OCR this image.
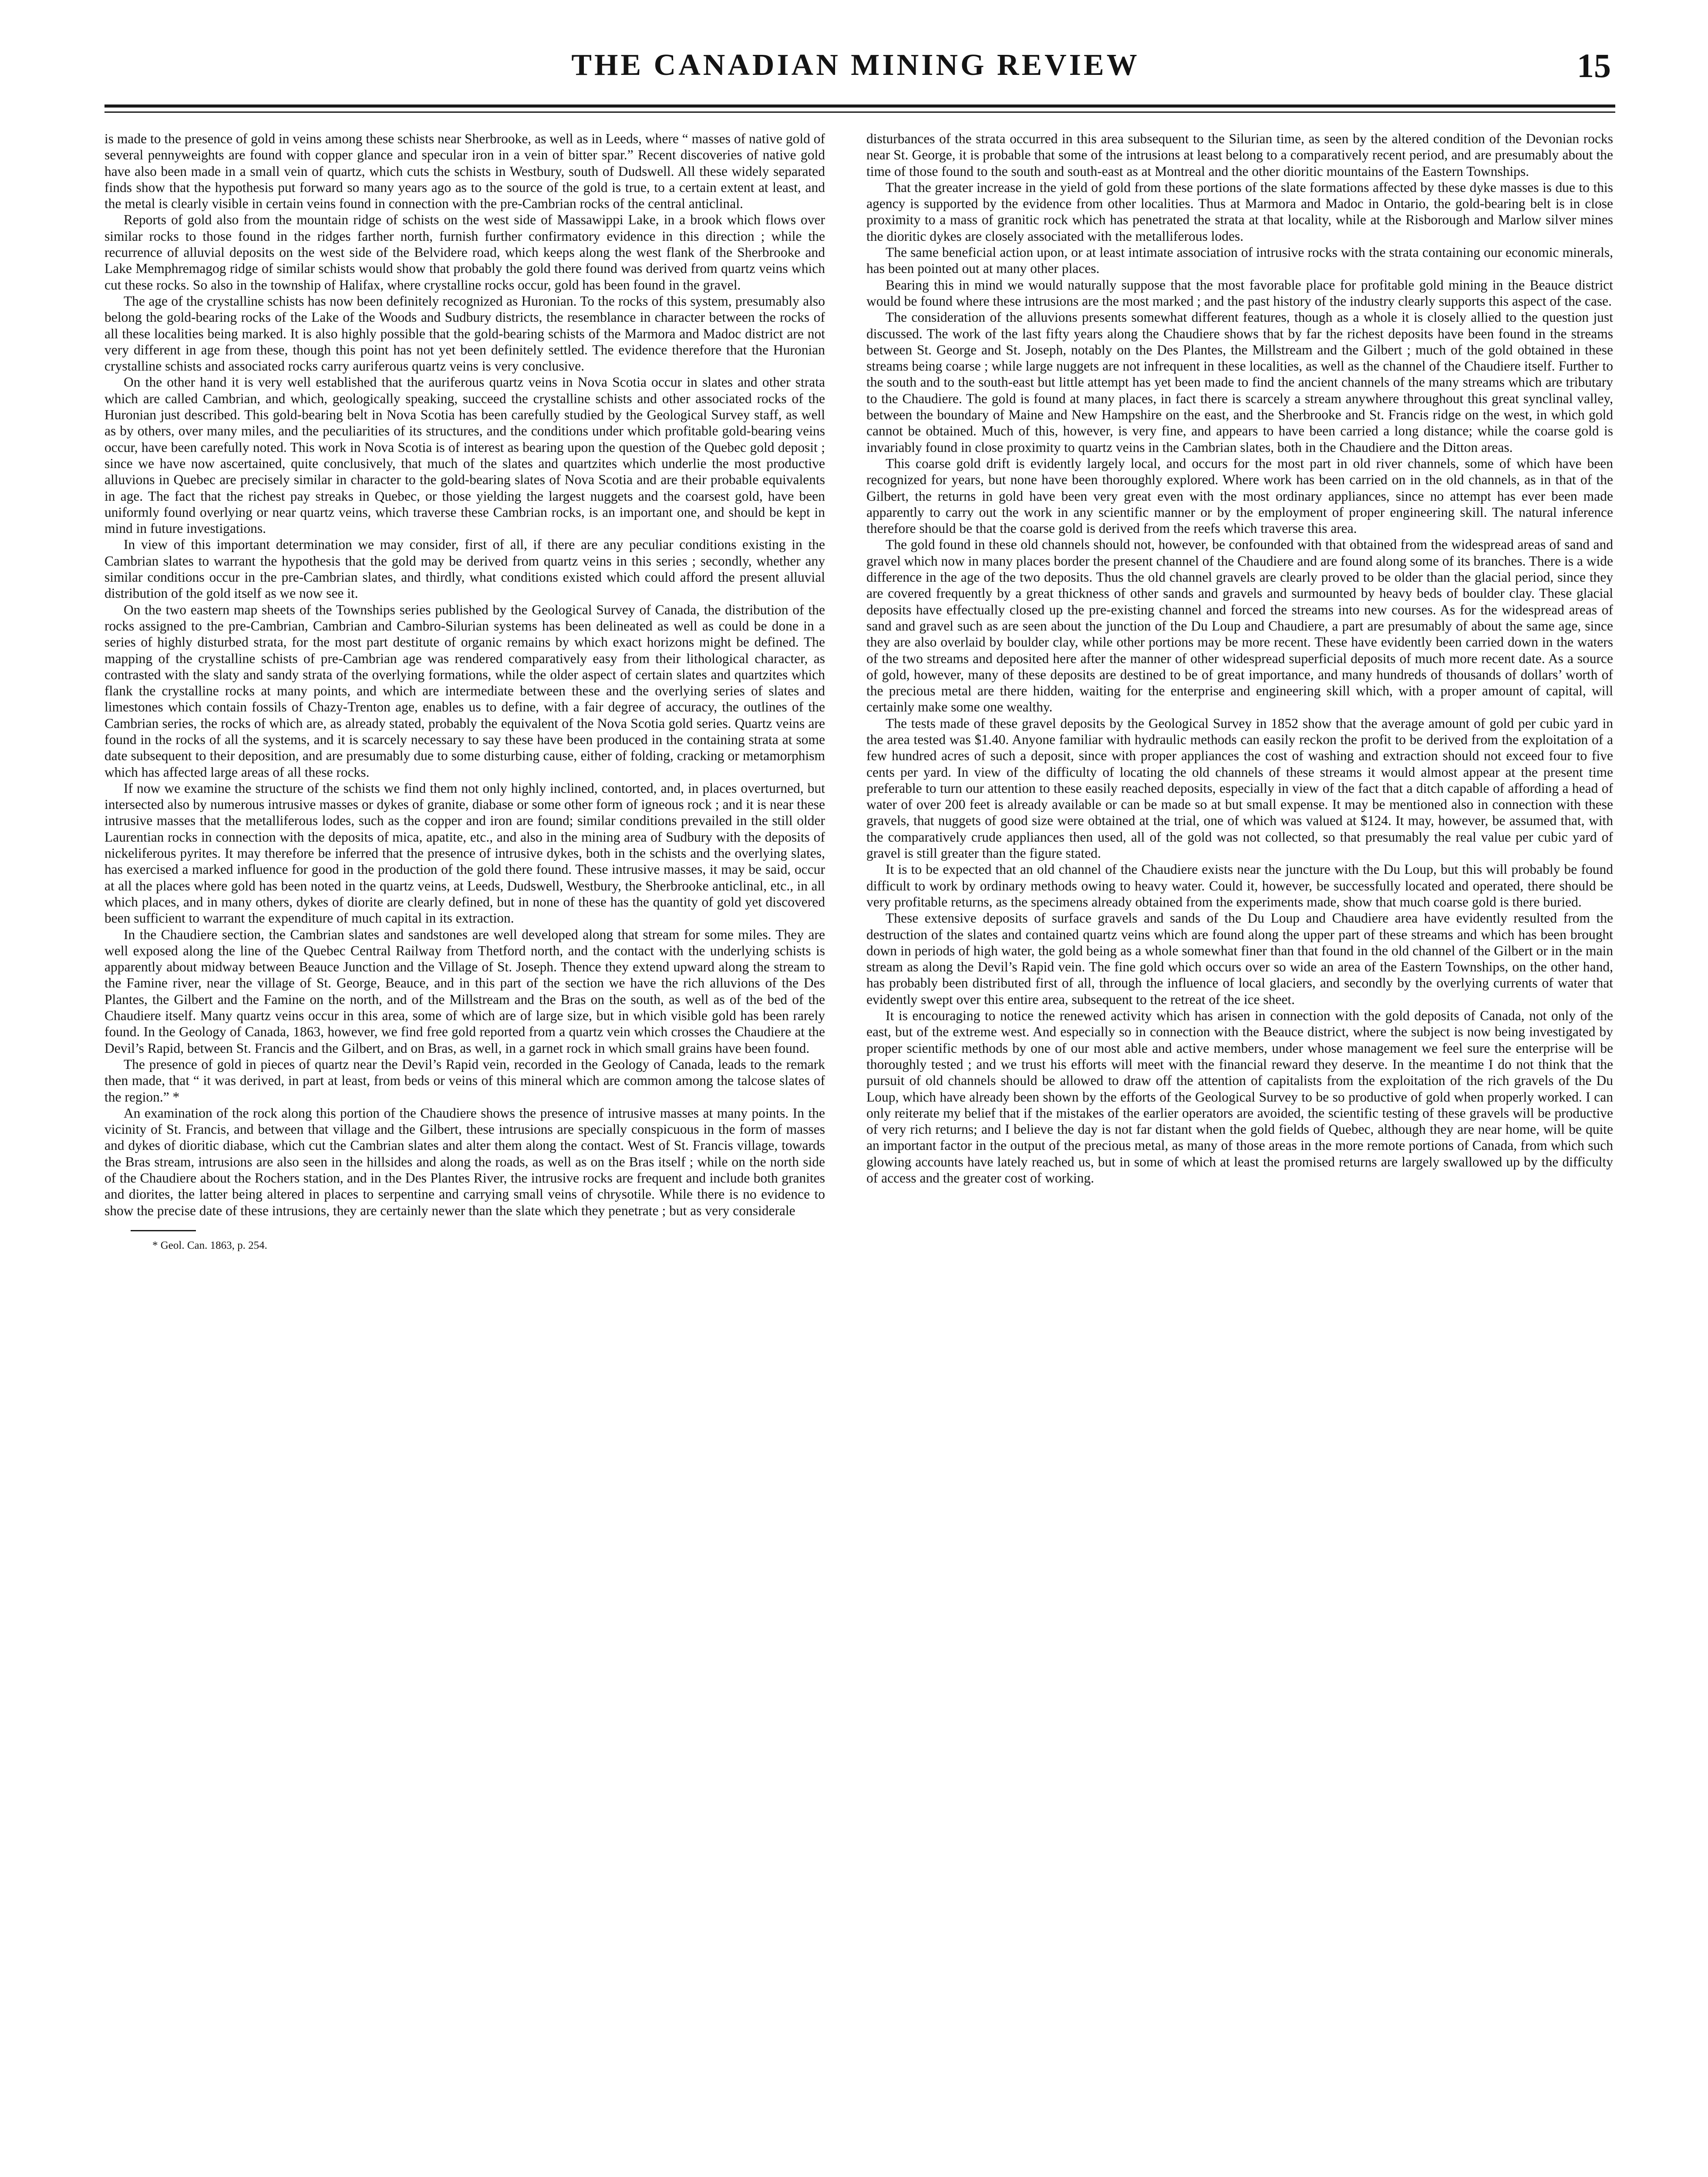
THE CANADIAN MINING REVIEW	15

is made to the presence of gold in veins among these schists near Sherbrooke, as well as in Leeds, where “ masses of native gold of several pennyweights are found with copper glance and specular iron in a vein of bitter spar.” Recent discoveries of native gold have also been made in a small vein of quartz, which cuts the schists in Westbury, south of Dudswell. All these widely separated finds show that the hypothesis put forward so many years ago as to the source of the gold is true, to a certain extent at least, and the metal is clearly visible in certain veins found in connection with the pre-Cambrian rocks of the central anticlinal.

Reports of gold also from the mountain ridge of schists on the west side of Massawippi Lake, in a brook which flows over similar rocks to those found in the ridges farther north, furnish further confirmatory evidence in this direction ; while the recurrence of alluvial deposits on the west side of the Belvidere road, which keeps along the west flank of the Sherbrooke and Lake Memphremagog ridge of similar schists would show that probably the gold there found was derived from quartz veins which cut these rocks. So also in the township of Halifax, where crystalline rocks occur, gold has been found in the gravel.

The age of the crystalline schists has now been definitely recognized as Huronian. To the rocks of this system, presumably also belong the gold-bearing rocks of the Lake of the Woods and Sudbury districts, the resemblance in character between the rocks of all these localities being marked. It is also highly possible that the gold-bearing schists of the Marmora and Madoc district are not very different in age from these, though this point has not yet been definitely settled. The evidence therefore that the Huronian crystalline schists and associated rocks carry auriferous quartz veins is very conclusive.

On the other hand it is very well established that the auriferous quartz veins in Nova Scotia occur in slates and other strata which are called Cambrian, and which, geologically speaking, succeed the crystalline schists and other associated rocks of the Huronian just described. This gold-bearing belt in Nova Scotia has been carefully studied by the Geological Survey staff, as well as by others, over many miles, and the peculiarities of its structures, and the conditions under which profitable gold-bearing veins occur, have been carefully noted. This work in Nova Scotia is of interest as bearing upon the question of the Quebec gold deposit ; since we have now ascertained, quite conclusively, that much of the slates and quartzites which underlie the most productive alluvions in Quebec are precisely similar in character to the gold-bearing slates of Nova Scotia and are their probable equivalents in age. The fact that the richest pay streaks in Quebec, or those yielding the largest nuggets and the coarsest gold, have been uniformly found overlying or near quartz veins, which traverse these Cambrian rocks, is an important one, and should be kept in mind in future investigations.

In view of this important determination we may consider, first of all, if there are any peculiar conditions existing in the Cambrian slates to warrant the hypothesis that the gold may be derived from quartz veins in this series ; secondly, whether any similar conditions occur in the pre-Cambrian slates, and thirdly, what conditions existed which could afford the present alluvial distribution of the gold itself as we now see it.

On the two eastern map sheets of the Townships series published by the Geological Survey of Canada, the distribution of the rocks assigned to the pre-Cambrian, Cambrian and Cambro-Silurian systems has been delineated as well as could be done in a series of highly disturbed strata, for the most part destitute of organic remains by which exact horizons might be defined. The mapping of the crystalline schists of pre-Cambrian age was rendered comparatively easy from their lithological character, as contrasted with the slaty and sandy strata of the overlying formations, while the older aspect of certain slates and quartzites which flank the crystalline rocks at many points, and which are intermediate between these and the overlying series of slates and limestones which contain fossils of Chazy-Trenton age, enables us to define, with a fair degree of accuracy, the outlines of the Cambrian series, the rocks of which are, as already stated, probably the equivalent of the Nova Scotia gold series. Quartz veins are found in the rocks of all the systems, and it is scarcely necessary to say these have been produced in the containing strata at some date subsequent to their deposition, and are presumably due to some disturbing cause, either of folding, cracking or metamorphism which has affected large areas of all these rocks.

If now we examine the structure of the schists we find them not only highly inclined, contorted, and, in places overturned, but intersected also by numerous intrusive masses or dykes of granite, diabase or some other form of igneous rock ; and it is near these intrusive masses that the metalliferous lodes, such as the copper and iron are found; similar conditions prevailed in the still older Laurentian rocks in connection with the deposits of mica, apatite, etc., and also in the mining area of Sudbury with the deposits of nickeliferous pyrites. It may therefore be inferred that the presence of intrusive dykes, both in the schists and the overlying slates, has exercised a marked influence for good in the production of the gold there found. These intrusive masses, it may be said, occur at all the places where gold has been noted in the quartz veins, at Leeds, Dudswell, Westbury, the Sherbrooke anticlinal, etc., in all which places, and in many others, dykes of diorite are clearly defined, but in none of these has the quantity of gold yet discovered been sufficient to warrant the expenditure of much capital in its extraction.

In the Chaudiere section, the Cambrian slates and sandstones are well developed along that stream for some miles. They are well exposed along the line of the Quebec Central Railway from Thetford north, and the contact with the underlying schists is apparently about midway between Beauce Junction and the Village of St. Joseph. Thence they extend upward along the stream to the Famine river, near the village of St. George, Beauce, and in this part of the section we have the rich alluvions of the Des Plantes, the Gilbert and the Famine on the north, and of the Millstream and the Bras on the south, as well as of the bed of the Chaudiere itself. Many quartz veins occur in this area, some of which are of large size, but in which visible gold has been rarely found. In the Geology of Canada, 1863, however, we find free gold reported from a quartz vein which crosses the Chaudiere at the Devil’s Rapid, between St. Francis and the Gilbert, and on Bras, as well, in a garnet rock in which small grains have been found.

The presence of gold in pieces of quartz near the Devil’s Rapid vein, recorded in the Geology of Canada, leads to the remark then made, that “ it was derived, in part at least, from beds or veins of this mineral which are common among the talcose slates of the region.” *

An examination of the rock along this portion of the Chaudiere shows the presence of intrusive masses at many points. In the vicinity of St. Francis, and between that village and the Gilbert, these intrusions are specially conspicuous in the form of masses and dykes of dioritic diabase, which cut the Cambrian slates and alter them along the contact. West of St. Francis village, towards the Bras stream, intrusions are also seen in the hillsides and along the roads, as well as on the Bras itself ; while on the north side of the Chaudiere about the Rochers station, and in the Des Plantes River, the intrusive rocks are frequent and include both granites and diorites, the latter being altered in places to serpentine and carrying small veins of chrysotile. While there is no evidence to show the precise date of these intrusions, they are certainly newer than the slate which they penetrate ; but as very considerale

* Geol. Can. 1863, p. 254.

disturbances of the strata occurred in this area subsequent to the Silurian time, as seen by the altered condition of the Devonian rocks near St. George, it is probable that some of the intrusions at least belong to a comparatively recent period, and are presumably about the time of those found to the south and south-east as at Montreal and the other dioritic mountains of the Eastern Townships.

That the greater increase in the yield of gold from these portions of the slate formations affected by these dyke masses is due to this agency is supported by the evidence from other localities. Thus at Marmora and Madoc in Ontario, the gold-bearing belt is in close proximity to a mass of granitic rock which has penetrated the strata at that locality, while at the Risborough and Marlow silver mines the dioritic dykes are closely associated with the metalliferous lodes.

The same beneficial action upon, or at least intimate association of intrusive rocks with the strata containing our economic minerals, has been pointed out at many other places.

Bearing this in mind we would naturally suppose that the most favorable place for profitable gold mining in the Beauce district would be found where these intrusions are the most marked ; and the past history of the industry clearly supports this aspect of the case.

The consideration of the alluvions presents somewhat different features, though as a whole it is closely allied to the question just discussed. The work of the last fifty years along the Chaudiere shows that by far the richest deposits have been found in the streams between St. George and St. Joseph, notably on the Des Plantes, the Millstream and the Gilbert ; much of the gold obtained in these streams being coarse ; while large nuggets are not infrequent in these localities, as well as the channel of the Chaudiere itself. Further to the south and to the south-east but little attempt has yet been made to find the ancient channels of the many streams which are tributary to the Chaudiere. The gold is found at many places, in fact there is scarcely a stream anywhere throughout this great synclinal valley, between the boundary of Maine and New Hampshire on the east, and the Sherbrooke and St. Francis ridge on the west, in which gold cannot be obtained. Much of this, however, is very fine, and appears to have been carried a long distance; while the coarse gold is invariably found in close proximity to quartz veins in the Cambrian slates, both in the Chaudiere and the Ditton areas.

This coarse gold drift is evidently largely local, and occurs for the most part in old river channels, some of which have been recognized for years, but none have been thoroughly explored. Where work has been carried on in the old channels, as in that of the Gilbert, the returns in gold have been very great even with the most ordinary appliances, since no attempt has ever been made apparently to carry out the work in any scientific manner or by the employment of proper engineering skill. The natural inference therefore should be that the coarse gold is derived from the reefs which traverse this area.

The gold found in these old channels should not, however, be confounded with that obtained from the widespread areas of sand and gravel which now in many places border the present channel of the Chaudiere and are found along some of its branches. There is a wide difference in the age of the two deposits. Thus the old channel gravels are clearly proved to be older than the glacial period, since they are covered frequently by a great thickness of other sands and gravels and surmounted by heavy beds of boulder clay. These glacial deposits have effectually closed up the pre-existing channel and forced the streams into new courses. As for the widespread areas of sand and gravel such as are seen about the junction of the Du Loup and Chaudiere, a part are presumably of about the same age, since they are also overlaid by boulder clay, while other portions may be more recent. These have evidently been carried down in the waters of the two streams and deposited here after the manner of other widespread superficial deposits of much more recent date. As a source of gold, however, many of these deposits are destined to be of great importance, and many hundreds of thousands of dollars’ worth of the precious metal are there hidden, waiting for the enterprise and engineering skill which, with a proper amount of capital, will certainly make some one wealthy.

The tests made of these gravel deposits by the Geological Survey in 1852 show that the average amount of gold per cubic yard in the area tested was $1.40. Anyone familiar with hydraulic methods can easily reckon the profit to be derived from the exploitation of a few hundred acres of such a deposit, since with proper appliances the cost of washing and extraction should not exceed four to five cents per yard. In view of the difficulty of locating the old channels of these streams it would almost appear at the present time preferable to turn our attention to these easily reached deposits, especially in view of the fact that a ditch capable of affording a head of water of over 200 feet is already available or can be made so at but small expense. It may be mentioned also in connection with these gravels, that nuggets of good size were obtained at the trial, one of which was valued at $124. It may, however, be assumed that, with the comparatively crude appliances then used, all of the gold was not collected, so that presumably the real value per cubic yard of gravel is still greater than the figure stated.

It is to be expected that an old channel of the Chaudiere exists near the juncture with the Du Loup, but this will probably be found difficult to work by ordinary methods owing to heavy water. Could it, however, be successfully located and operated, there should be very profitable returns, as the specimens already obtained from the experiments made, show that much coarse gold is there buried.

These extensive deposits of surface gravels and sands of the Du Loup and Chaudiere area have evidently resulted from the destruction of the slates and contained quartz veins which are found along the upper part of these streams and which has been brought down in periods of high water, the gold being as a whole somewhat finer than that found in the old channel of the Gilbert or in the main stream as along the Devil’s Rapid vein. The fine gold which occurs over so wide an area of the Eastern Townships, on the other hand, has probably been distributed first of all, through the influence of local glaciers, and secondly by the overlying currents of water that evidently swept over this entire area, subsequent to the retreat of the ice sheet.

It is encouraging to notice the renewed activity which has arisen in connection with the gold deposits of Canada, not only of the east, but of the extreme west. And especially so in connection with the Beauce district, where the subject is now being investigated by proper scientific methods by one of our most able and active members, under whose management we feel sure the enterprise will be thoroughly tested ; and we trust his efforts will meet with the financial reward they deserve. In the meantime I do not think that the pursuit of old channels should be allowed to draw off the attention of capitalists from the exploitation of the rich gravels of the Du Loup, which have already been shown by the efforts of the Geological Survey to be so productive of gold when properly worked. I can only reiterate my belief that if the mistakes of the earlier operators are avoided, the scientific testing of these gravels will be productive of very rich returns; and I believe the day is not far distant when the gold fields of Quebec, although they are near home, will be quite an important factor in the output of the precious metal, as many of those areas in the more remote portions of Canada, from which such glowing accounts have lately reached us, but in some of which at least the promised returns are largely swallowed up by the difficulty of access and the greater cost of working.
